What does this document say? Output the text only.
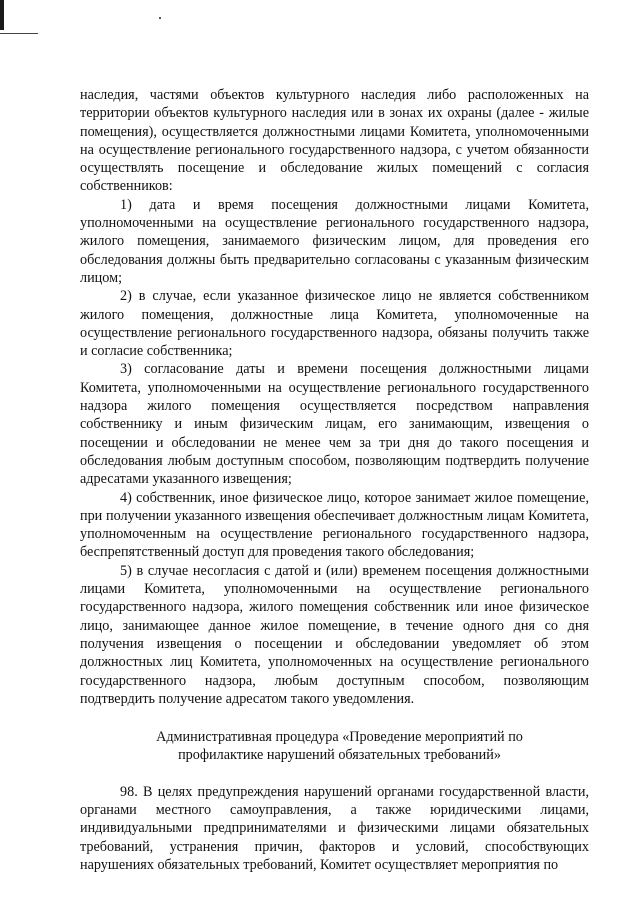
наследия, частями объектов культурного наследия либо расположенных на территории объектов культурного наследия или в зонах их охраны (далее - жилые помещения), осуществляется должностными лицами Комитета, уполномоченными на осуществление регионального государственного надзора, с учетом обязанности осуществлять посещение и обследование жилых помещений с согласия собственников:

1) дата и время посещения должностными лицами Комитета, уполномоченными на осуществление регионального государственного надзора, жилого помещения, занимаемого физическим лицом, для проведения его обследования должны быть предварительно согласованы с указанным физическим лицом;

2) в случае, если указанное физическое лицо не является собственником жилого помещения, должностные лица Комитета, уполномоченные на осуществление регионального государственного надзора, обязаны получить также и согласие собственника;

3) согласование даты и времени посещения должностными лицами Комитета, уполномоченными на осуществление регионального государственного надзора жилого помещения осуществляется посредством направления собственнику и иным физическим лицам, его занимающим, извещения о посещении и обследовании не менее чем за три дня до такого посещения и обследования любым доступным способом, позволяющим подтвердить получение адресатами указанного извещения;

4) собственник, иное физическое лицо, которое занимает жилое помещение, при получении указанного извещения обеспечивает должностным лицам Комитета, уполномоченным на осуществление регионального государственного надзора, беспрепятственный доступ для проведения такого обследования;

5) в случае несогласия с датой и (или) временем посещения должностными лицами Комитета, уполномоченными на осуществление регионального государственного надзора, жилого помещения собственник или иное физическое лицо, занимающее данное жилое помещение, в течение одного дня со дня получения извещения о посещении и обследовании уведомляет об этом должностных лиц Комитета, уполномоченных на осуществление регионального государственного надзора, любым доступным способом, позволяющим подтвердить получение адресатом такого уведомления.

Административная процедура «Проведение мероприятий по

профилактике нарушений обязательных требований»

98. В целях предупреждения нарушений органами государственной власти, органами местного самоуправления, а также юридическими лицами, индивидуальными предпринимателями и физическими лицами обязательных требований, устранения причин, факторов и условий, способствующих нарушениях обязательных требований, Комитет осуществляет мероприятия по
